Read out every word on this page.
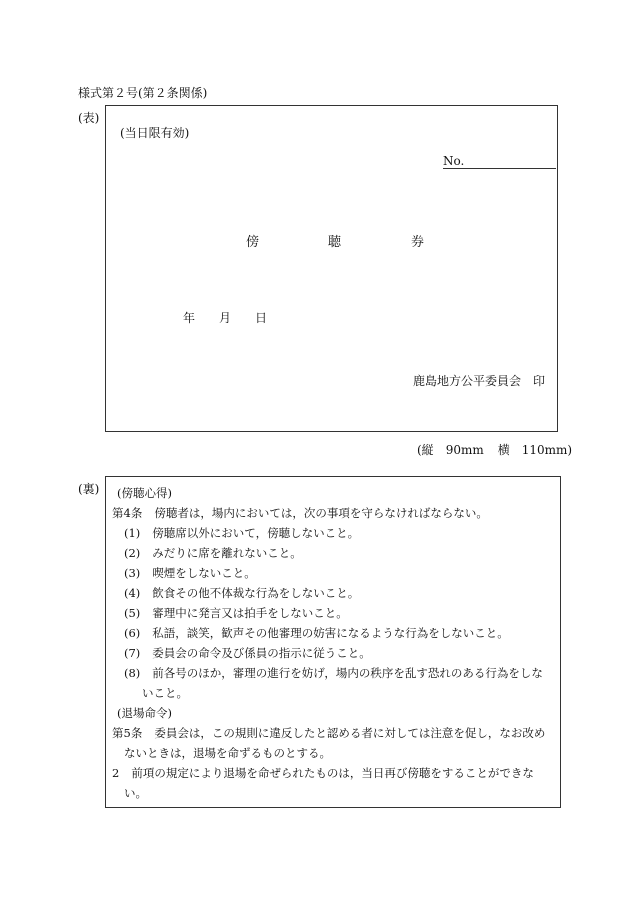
様式第２号(第２条関係)
(表)
(当日限有効)
No.
傍	聴	券
年 月 日
鹿島地方公平委員会 印
(縦 90mm 横 110mm)
(裏) (傍聴心得)
第4条 傍聴者は，場内においては，次の事項を守らなければならない。
(1) 傍聴席以外において，傍聴しないこと。
(2) みだりに席を離れないこと。
(3) 喫煙をしないこと。
(4) 飲食その他不体裁な行為をしないこと。
(5) 審理中に発言又は拍手をしないこと。
(6) 私語，談笑，歓声その他審理の妨害になるような行為をしないこと。
(7) 委員会の命令及び係員の指示に従うこと。
(8) 前各号のほか，審理の進行を妨げ，場内の秩序を乱す恐れのある行為をしな
いこと。
(退場命令)
第5条 委員会は，この規則に違反したと認める者に対しては注意を促し，なお改め
ないときは，退場を命ずるものとする。
2 前項の規定により退場を命ぜられたものは，当日再び傍聴をすることができな
い。
